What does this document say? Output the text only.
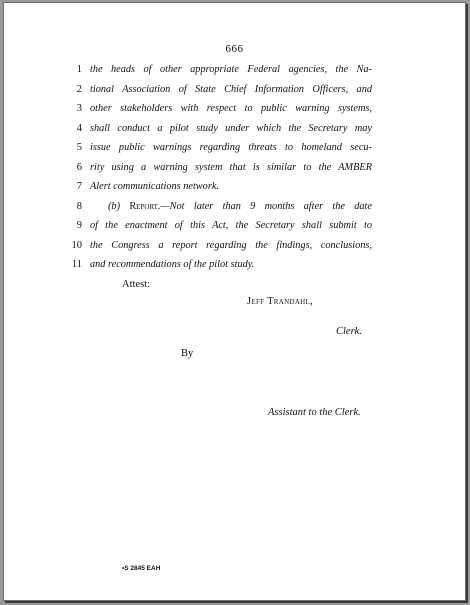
666
1 the heads of other appropriate Federal agencies, the Na-
2 tional Association of State Chief Information Officers, and
3 other stakeholders with respect to public warning systems,
4 shall conduct a pilot study under which the Secretary may
5 issue public warnings regarding threats to homeland secu-
6 rity using a warning system that is similar to the AMBER
7 Alert communications network.
8	(b) Report.—Not later than 9 months after the date
9 of the enactment of this Act, the Secretary shall submit to
10 the Congress a report regarding the findings, conclusions,
11 and recommendations of the pilot study.
Attest:
Jeff Trandahl,
Clerk.
By
Assistant to the Clerk.
•S 2845 EAH
